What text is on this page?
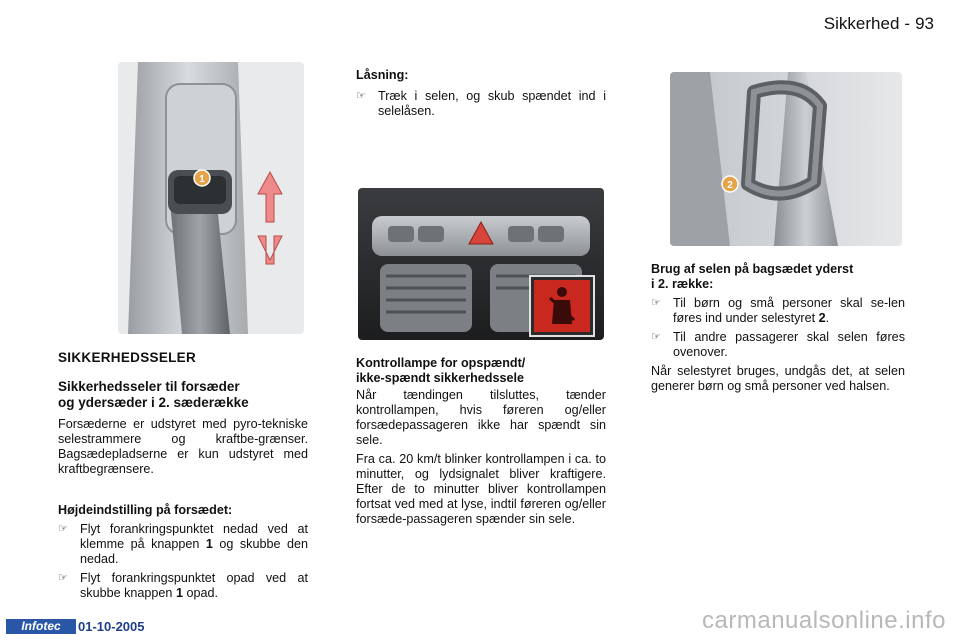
Sikkerhed - 93
1
SIKKERHEDSSELER
Sikkerhedsseler til forsæder
og ydersæder i 2. sæderække

Forsæderne er udstyret med pyro-tekniske selestrammere og kraftbe-grænser. Bagsædepladserne er kun udstyret med kraftbegrænsere.

Højdeindstilling på forsædet:
☞ Flyt forankringspunktet nedad ved at klemme på knappen 1 og skubbe den nedad.
☞ Flyt forankringspunktet opad ved at skubbe knappen 1 opad.
Låsning:
☞ Træk i selen, og skub spændet ind i selelåsen.
Kontrollampe for opspændt/
ikke-spændt sikkerhedssele

Når tændingen tilsluttes, tænder kontrollampen, hvis føreren og/eller forsædepassageren ikke har spændt sin sele.

Fra ca. 20 km/t blinker kontrollampen i ca. to minutter, og lydsignalet bliver kraftigere. Efter de to minutter bliver kontrollampen fortsat ved med at lyse, indtil føreren og/eller forsæde-passageren spænder sin sele.

2
Brug af selen på bagsædet yderst
i 2. række:
☞ Til børn og små personer skal se-len føres ind under selestyret 2.
☞ Til andre passagerer skal selen føres ovenover.

Når selestyret bruges, undgås det, at selen generer børn og små personer ved halsen.

Infotec	01-10-2005	carmanualsonline.info
